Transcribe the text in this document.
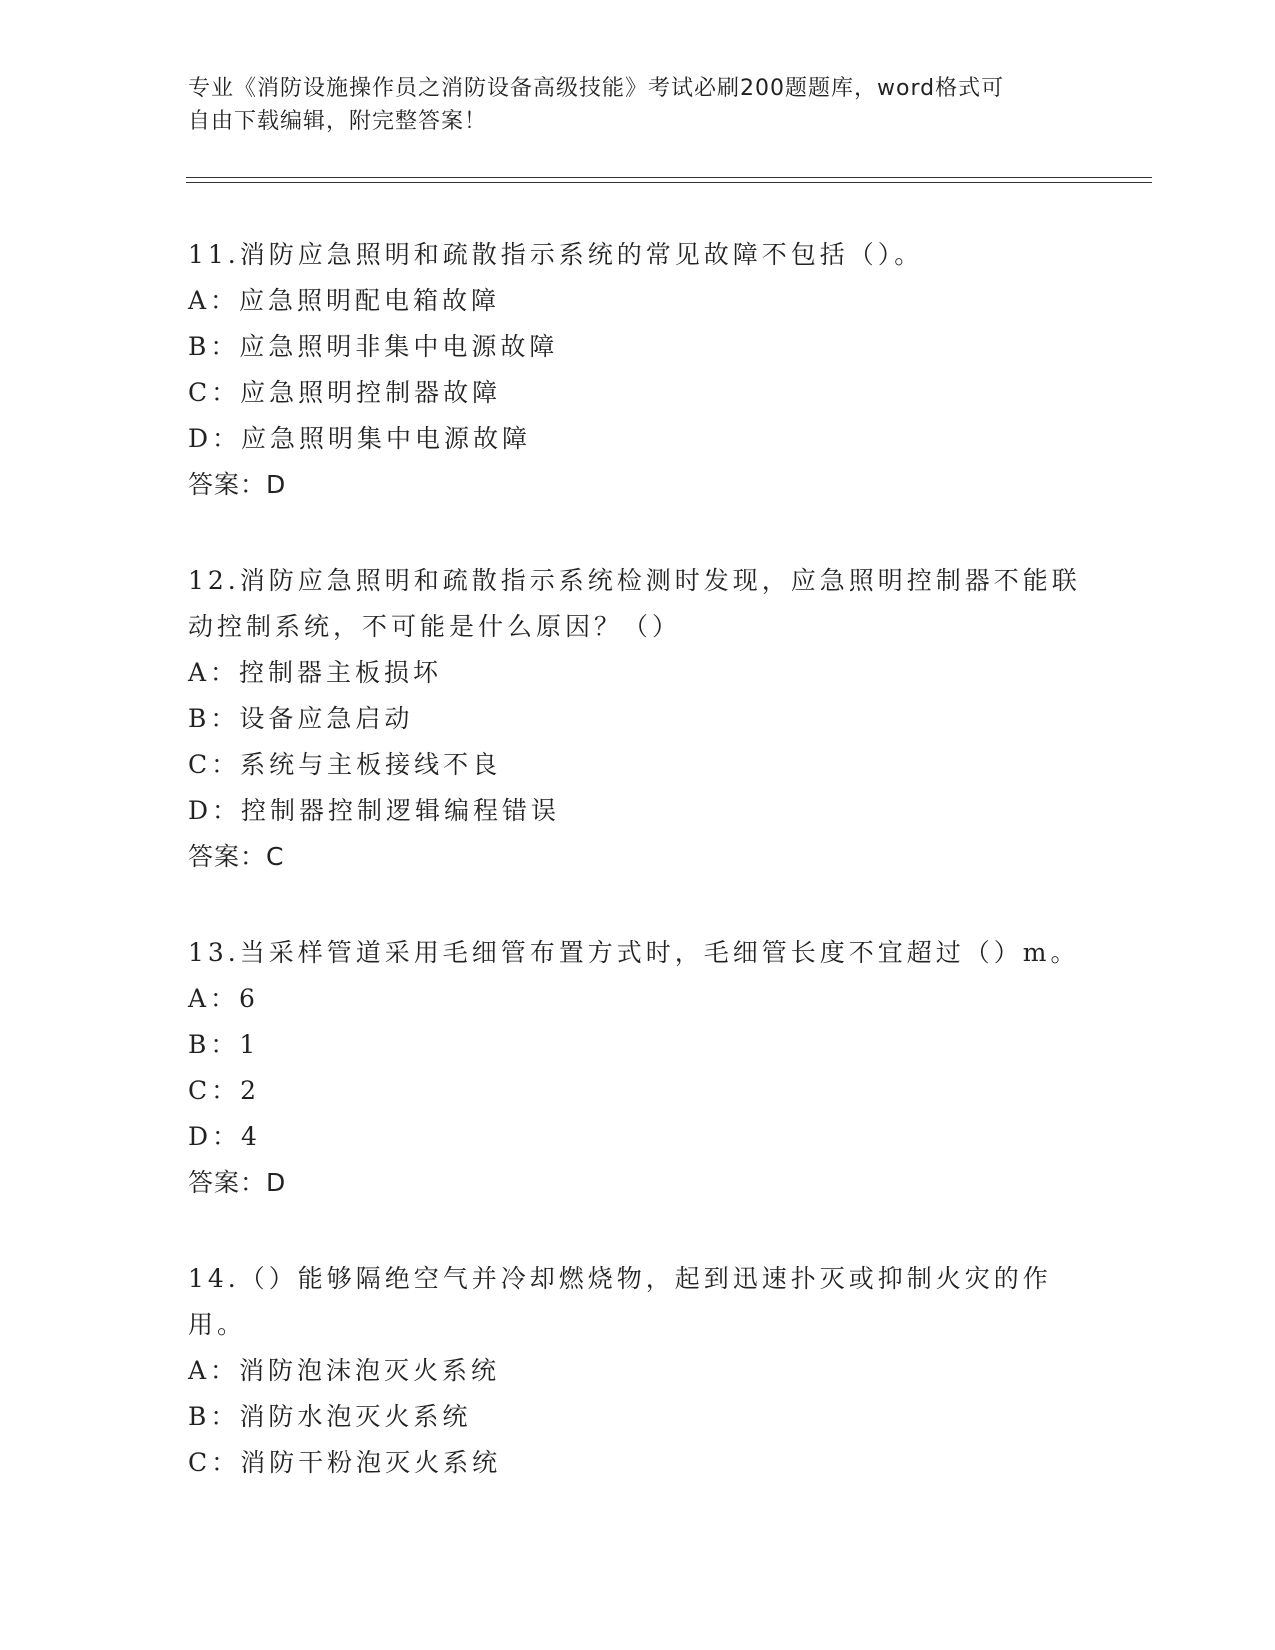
专业《消防设施操作员之消防设备高级技能》考试必刷200题题库，word格式可
自由下载编辑，附完整答案！

11.消防应急照明和疏散指示系统的常见故障不包括（）。

A：应急照明配电箱故障

B：应急照明非集中电源故障

C：应急照明控制器故障

D：应急照明集中电源故障

答案：D

12.消防应急照明和疏散指示系统检测时发现，应急照明控制器不能联动控制系统，不可能是什么原因？（）

A：控制器主板损坏

B：设备应急启动

C：系统与主板接线不良

D：控制器控制逻辑编程错误

答案：C

13.当采样管道采用毛细管布置方式时，毛细管长度不宜超过（）m。

A：6

B：1

C：2

D：4

答案：D

14.（）能够隔绝空气并冷却燃烧物，起到迅速扑灭或抑制火灾的作用。

A：消防泡沫泡灭火系统

B：消防水泡灭火系统

C：消防干粉泡灭火系统
